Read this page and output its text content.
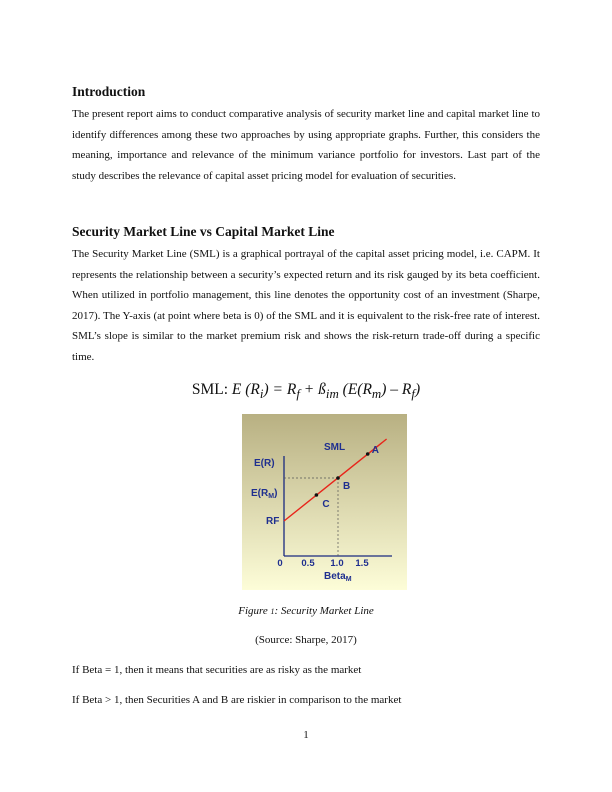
Introduction

The present report aims to conduct comparative analysis of security market line and capital market line to identify differences among these two approaches by using appropriate graphs. Further, this considers the meaning, importance and relevance of the minimum variance portfolio for investors. Last part of the study describes the relevance of capital asset pricing model for evaluation of securities.

Security Market Line vs Capital Market Line

The Security Market Line (SML) is a graphical portrayal of the capital asset pricing model, i.e. CAPM. It represents the relationship between a security’s expected return and its risk gauged by its beta coefficient. When utilized in portfolio management, this line denotes the opportunity cost of an investment (Sharpe, 2017). The Y-axis (at point where beta is 0) of the SML and it is equivalent to the risk-free rate of interest. SML’s slope is similar to the market premium risk and shows the risk-return trade-off during a specific time.

SML: E $(R_i) = R_f$ + $ß_{im}$ $(E(R_m) - R_f)$
SML
E(R)
$E(R_M)$
RF
C
B
A
0 0.5 1.0 1.5
Beta$_M$
Figure 1: Security Market Line
(Source: Sharpe, 2017)

If Beta = 1, then it means that securities are as risky as the market

If Beta > 1, then Securities A and B are riskier in comparison to the market

1
